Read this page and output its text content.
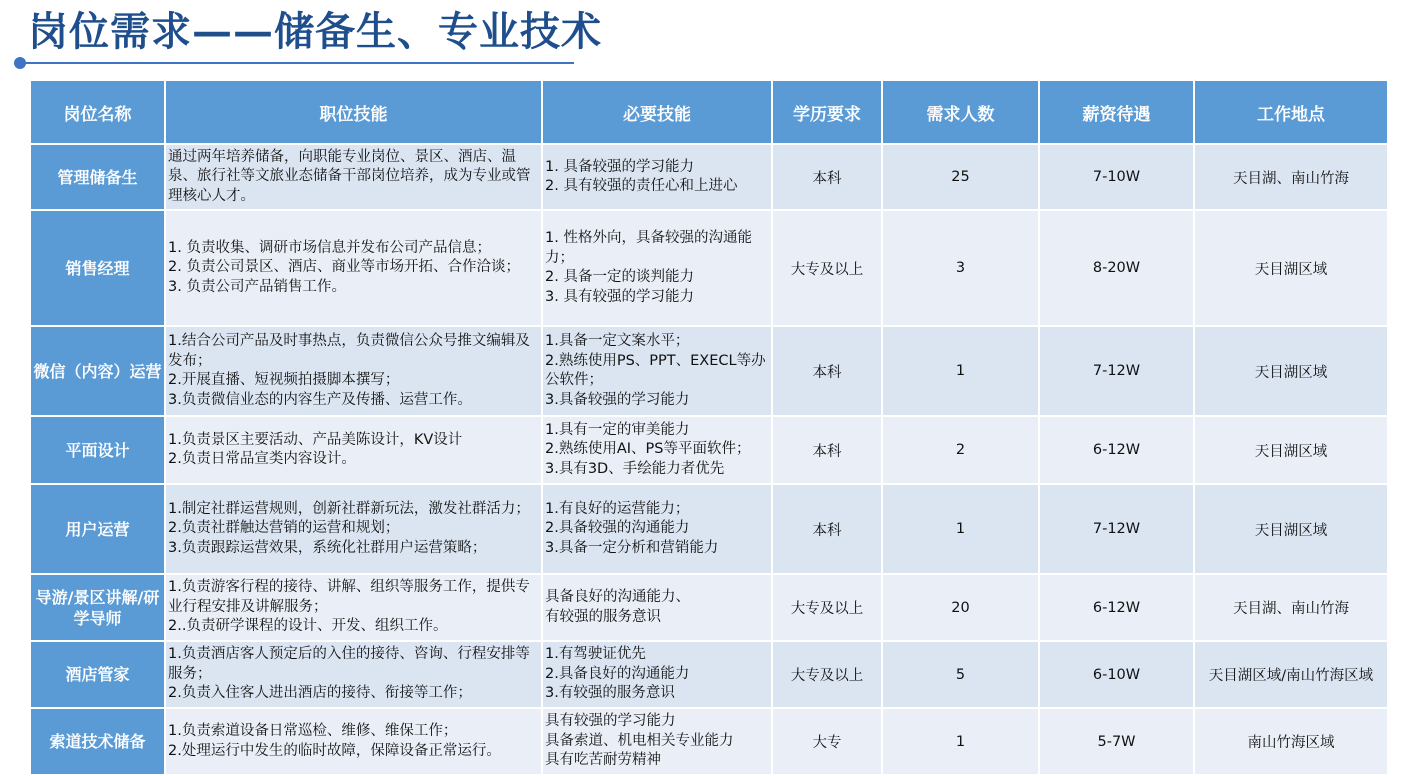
岗位需求——储备生、专业技术
岗位名称	职位技能	必要技能	学历要求	需求人数	薪资待遇	工作地点
管理储备生	通过两年培养储备，向职能专业岗位、景区、酒店、温泉、旅行社等文旅业态储备干部岗位培养，成为专业或管理核心人才。	1. 具备较强的学习能力
2. 具有较强的责任心和上进心	本科	25	7-10W	天目湖、南山竹海
销售经理	1. 负责收集、调研市场信息并发布公司产品信息；
2. 负责公司景区、酒店、商业等市场开拓、合作洽谈；
3. 负责公司产品销售工作。	1. 性格外向，具备较强的沟通能力；
2. 具备一定的谈判能力
3. 具有较强的学习能力	大专及以上	3	8-20W	天目湖区域
微信（内容）运营	1.结合公司产品及时事热点，负责微信公众号推文编辑及发布；
2.开展直播、短视频拍摄脚本撰写；
3.负责微信业态的内容生产及传播、运营工作。	1.具备一定文案水平；
2.熟练使用PS、PPT、EXECL等办公软件；
3.具备较强的学习能力	本科	1	7-12W	天目湖区域
平面设计	1.负责景区主要活动、产品美陈设计，KV设计
2.负责日常品宣类内容设计。	1.具有一定的审美能力
2.熟练使用AI、PS等平面软件；
3.具有3D、手绘能力者优先	本科	2	6-12W	天目湖区域
用户运营	1.制定社群运营规则，创新社群新玩法，激发社群活力；
2.负责社群触达营销的运营和规划；
3.负责跟踪运营效果，系统化社群用户运营策略；	1.有良好的运营能力；
2.具备较强的沟通能力
3.具备一定分析和营销能力	本科	1	7-12W	天目湖区域
导游/景区讲解/研学导师	1.负责游客行程的接待、讲解、组织等服务工作，提供专业行程安排及讲解服务；
2..负责研学课程的设计、开发、组织工作。	具备良好的沟通能力、
有较强的服务意识	大专及以上	20	6-12W	天目湖、南山竹海
酒店管家	1.负责酒店客人预定后的入住的接待、咨询、行程安排等服务；
2.负责入住客人进出酒店的接待、衔接等工作；	1.有驾驶证优先
2.具备良好的沟通能力
3.有较强的服务意识	大专及以上	5	6-10W	天目湖区域/南山竹海区域
索道技术储备	1.负责索道设备日常巡检、维修、维保工作；
2.处理运行中发生的临时故障，保障设备正常运行。	具有较强的学习能力
具备索道、机电相关专业能力
具有吃苦耐劳精神	大专	1	5-7W	南山竹海区域
